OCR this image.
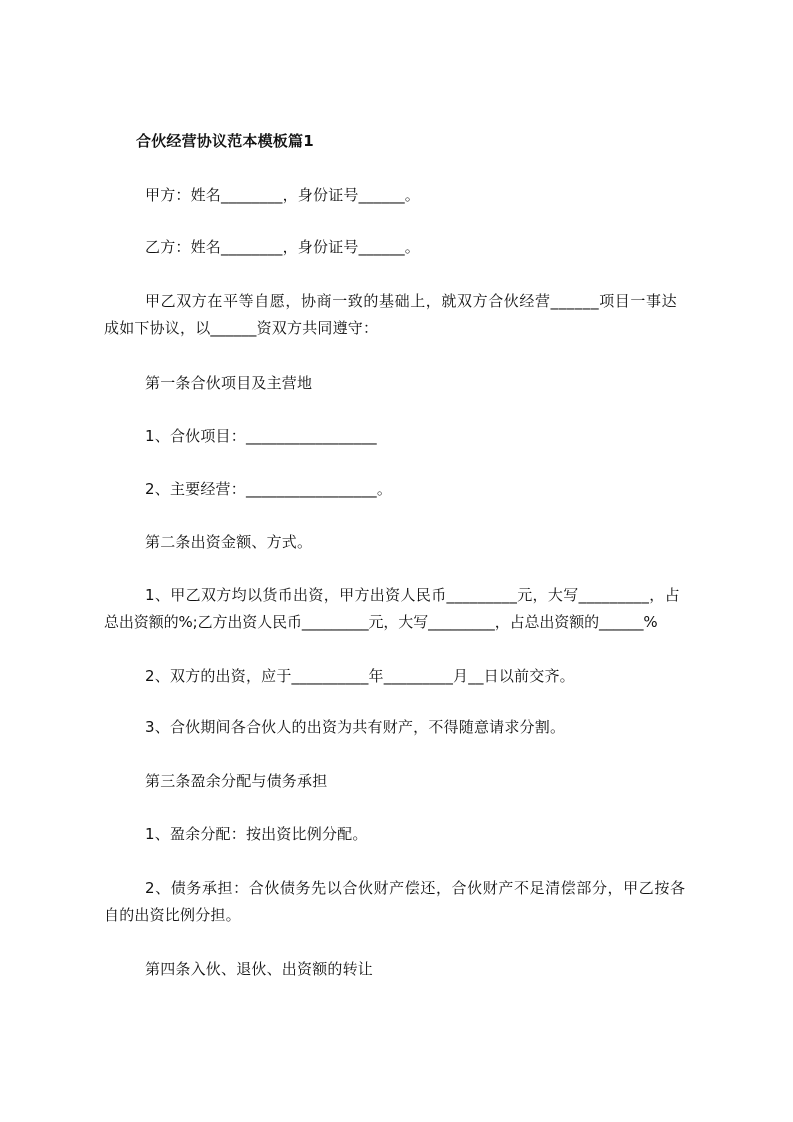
合伙经营协议范本模板篇1
甲方：姓名________，身份证号______。
乙方：姓名________，身份证号______。
甲乙双方在平等自愿，协商一致的基础上，就双方合伙经营______项目一事达
成如下协议，以______资双方共同遵守：
第一条合伙项目及主营地
1、合伙项目：_________________
2、主要经营：_________________。
第二条出资金额、方式。
1、甲乙双方均以货币出资，甲方出资人民币_________元，大写_________，占
总出资额的%;乙方出资人民币_________元，大写_________，占总出资额的______%
2、双方的出资，应于__________年_________月__日以前交齐。
3、合伙期间各合伙人的出资为共有财产，不得随意请求分割。
第三条盈余分配与债务承担
1、盈余分配：按出资比例分配。
2、债务承担：合伙债务先以合伙财产偿还，合伙财产不足清偿部分，甲乙按各
自的出资比例分担。
第四条入伙、退伙、出资额的转让
